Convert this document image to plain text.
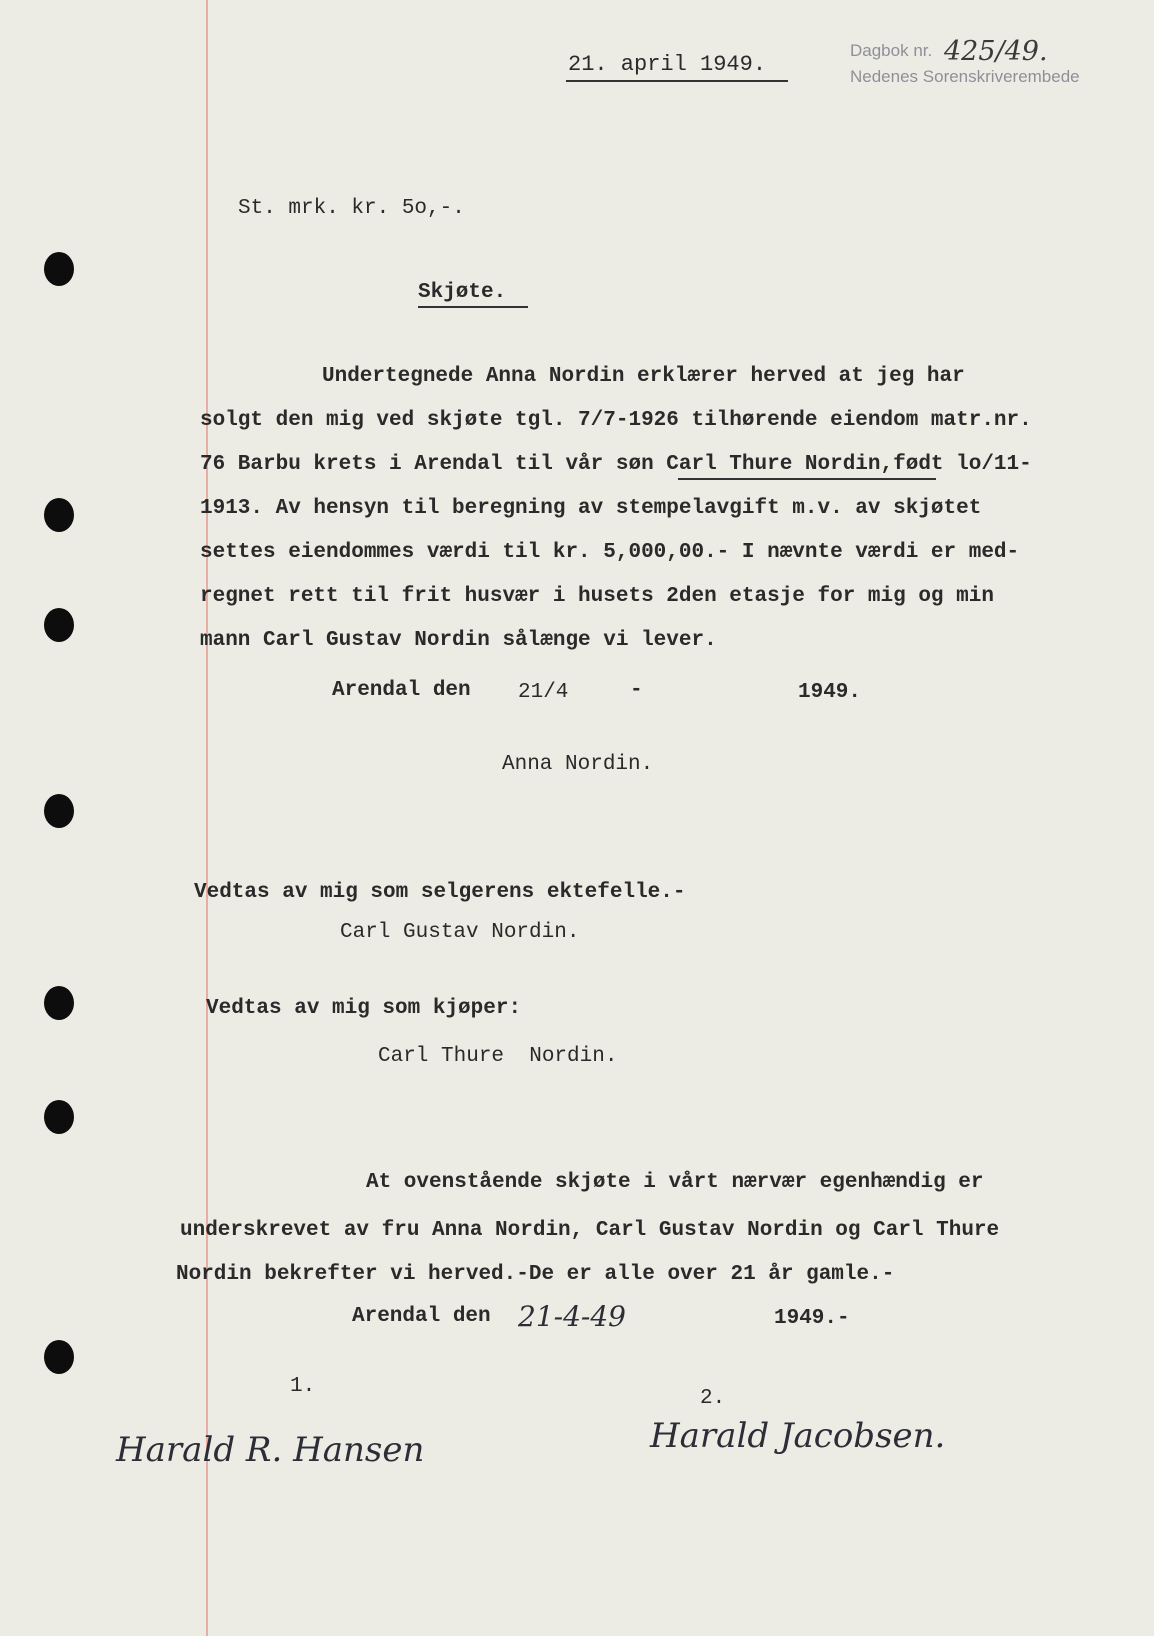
21. april 1949.
Dagbok nr.
Nedenes Sorenskriverembede
425/49.
St. mrk. kr. 5o,-.
Skjøte.
Undertegnede Anna Nordin erklærer herved at jeg har
solgt den mig ved skjøte tgl. 7/7-1926 tilhørende eiendom matr.nr.
76 Barbu krets i Arendal til vår søn Carl Thure Nordin,født lo/11-
1913. Av hensyn til beregning av stempelavgift m.v. av skjøtet
settes eiendommes værdi til kr. 5,000,00.- I nævnte værdi er med-
regnet rett til frit husvær i husets 2den etasje for mig og min
mann Carl Gustav Nordin sålænge vi lever.
Arendal den 21/4	-	1949.
Anna Nordin.
Vedtas av mig som selgerens ektefelle.-
Carl Gustav Nordin.
Vedtas av mig som kjøper:
Carl Thure  Nordin.
At ovenstående skjøte i vårt nærvær egenhændig er
underskrevet av fru Anna Nordin, Carl Gustav Nordin og Carl Thure
Nordin bekrefter vi herved.-De er alle over 21 år gamle.-
Arendal den 21-4-49	1949.-
1.
2.
Harald R. Hansen	Harald Jacobsen.
